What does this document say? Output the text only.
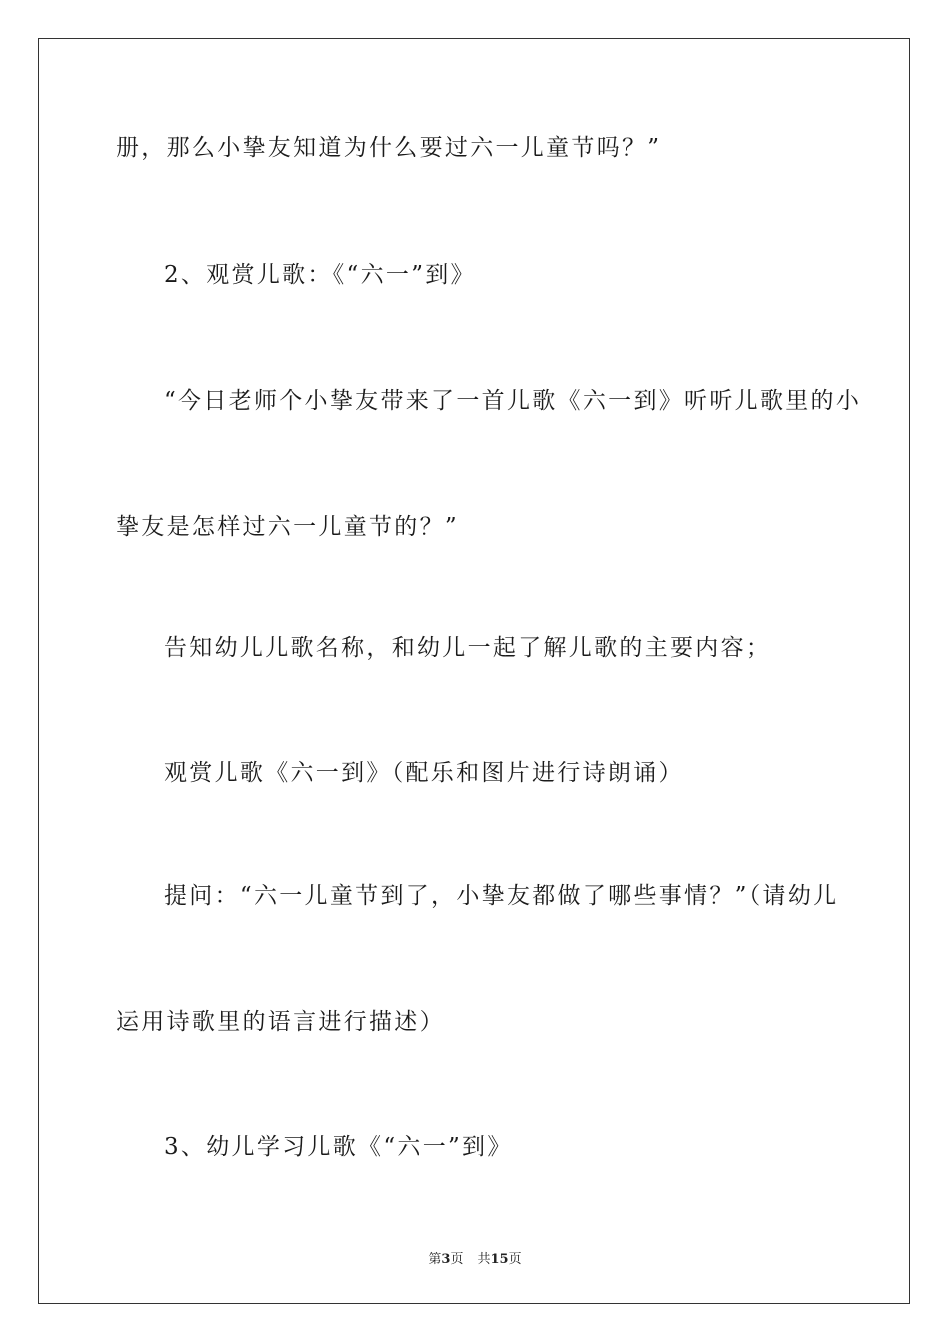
册，那么小挚友知道为什么要过六一儿童节吗？”
2、观赏儿歌：《“六一”到》
“今日老师个小挚友带来了一首儿歌《六一到》听听儿歌里的小
挚友是怎样过六一儿童节的？”
告知幼儿儿歌名称，和幼儿一起了解儿歌的主要内容；
观赏儿歌《六一到》（配乐和图片进行诗朗诵）
提问：“六一儿童节到了，小挚友都做了哪些事情？”（请幼儿
运用诗歌里的语言进行描述）
3、幼儿学习儿歌《“六一”到》
第3页 共15页
